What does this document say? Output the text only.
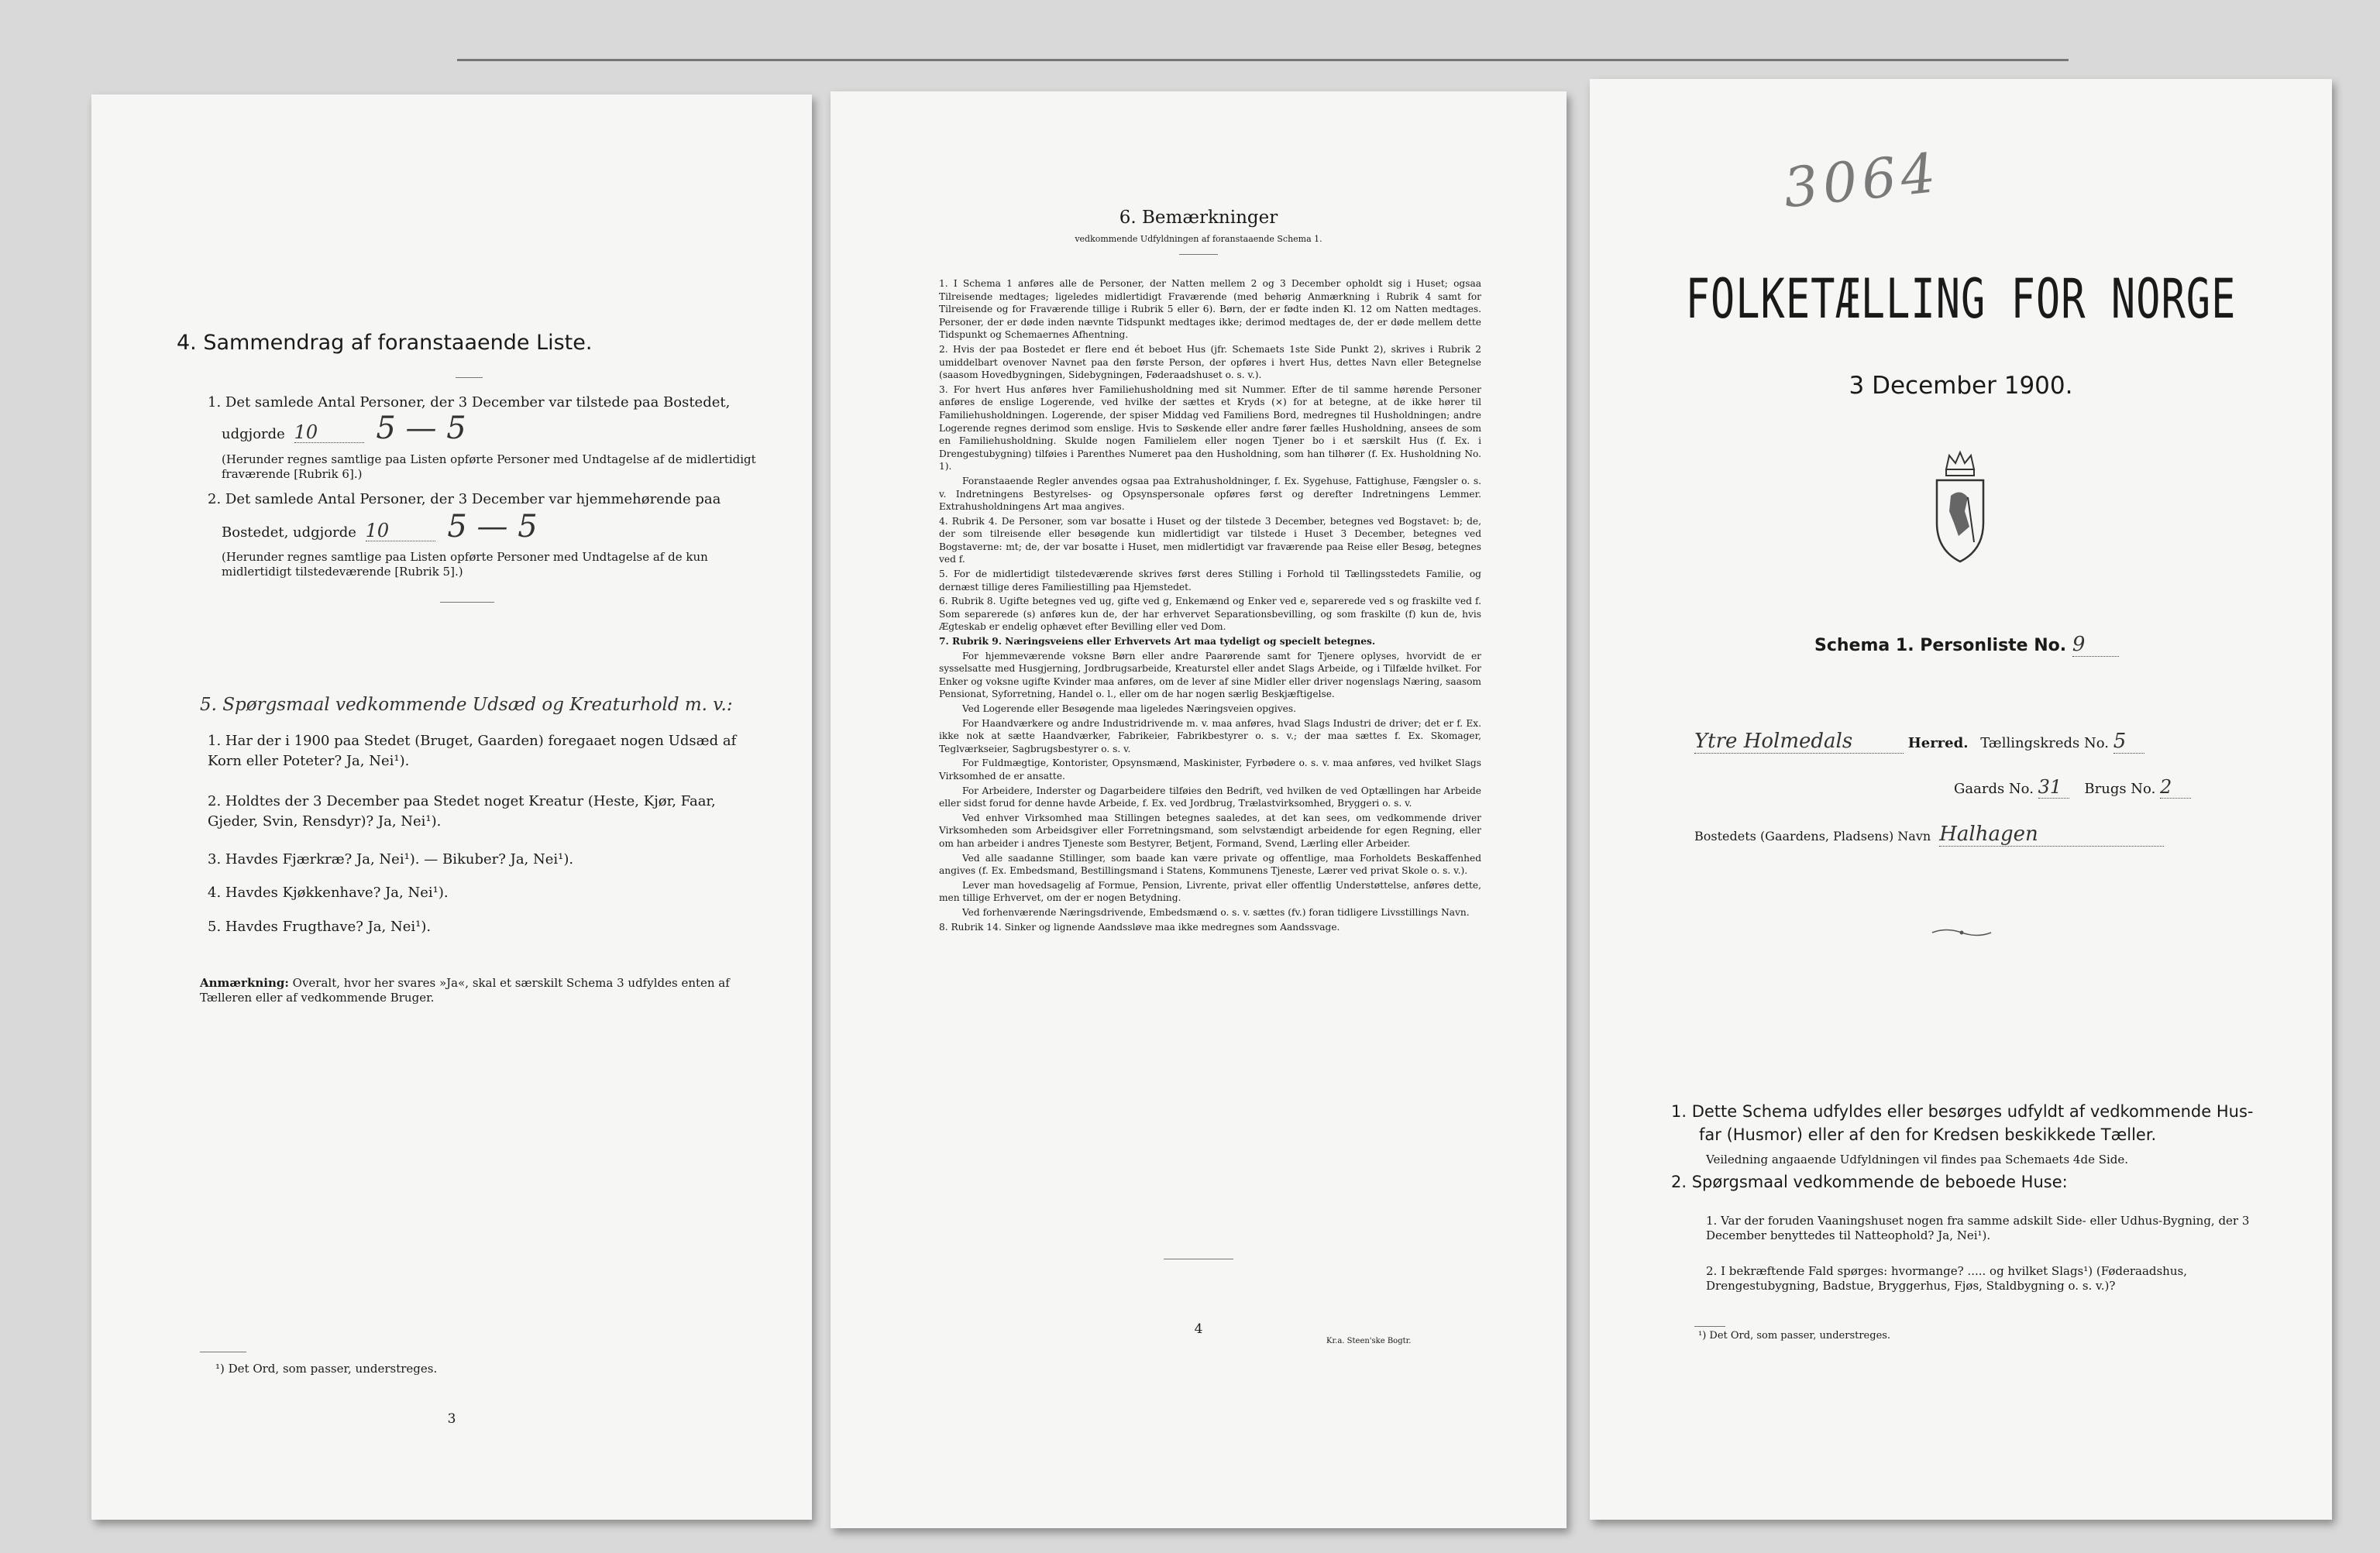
4. Sammendrag af foranstaaende Liste.
1. Det samlede Antal Personer, der 3 December var tilstede paa Bostedet,
udgjorde 10 5 — 5
(Herunder regnes samtlige paa Listen opførte Personer med Undtagelse af de midlertidigt fraværende [Rubrik 6].)
2. Det samlede Antal Personer, der 3 December var hjemmehørende paa
Bostedet, udgjorde 10 5 — 5
(Herunder regnes samtlige paa Listen opførte Personer med Undtagelse af de kun midlertidigt tilstedeværende [Rubrik 5].)
5. Spørgsmaal vedkommende Udsæd og Kreaturhold m. v.:
1. Har der i 1900 paa Stedet (Bruget, Gaarden) foregaaet nogen Udsæd af Korn eller Poteter? Ja, Nei¹).
2. Holdtes der 3 December paa Stedet noget Kreatur (Heste, Kjør, Faar, Gjeder, Svin, Rensdyr)? Ja, Nei¹).
3. Havdes Fjærkræ? Ja, Nei¹). — Bikuber? Ja, Nei¹).
4. Havdes Kjøkkenhave? Ja, Nei¹).
5. Havdes Frugthave? Ja, Nei¹).
Anmærkning: Overalt, hvor her svares »Ja«, skal et særskilt Schema 3 udfyldes enten af Tælleren eller af vedkommende Bruger.
¹) Det Ord, som passer, understreges.
3
6. Bemærkninger
vedkommende Udfyldningen af foranstaaende Schema 1.

1. I Schema 1 anføres alle de Personer, der Natten mellem 2 og 3 December opholdt sig i Huset; ogsaa Tilreisende medtages; ligeledes midlertidigt Fraværende (med behørig Anmærkning i Rubrik 4 samt for Tilreisende og for Fraværende tillige i Rubrik 5 eller 6). Børn, der er fødte inden Kl. 12 om Natten medtages. Personer, der er døde inden nævnte Tidspunkt medtages ikke; derimod medtages de, der er døde mellem dette Tidspunkt og Schemaernes Afhentning.

2. Hvis der paa Bostedet er flere end ét beboet Hus (jfr. Schemaets 1ste Side Punkt 2), skrives i Rubrik 2 umiddelbart ovenover Navnet paa den første Person, der opføres i hvert Hus, dettes Navn eller Betegnelse (saasom Hovedbygningen, Sidebygningen, Føderaadshuset o. s. v.).

3. For hvert Hus anføres hver Familiehusholdning med sit Nummer. Efter de til samme hørende Personer anføres de enslige Logerende, ved hvilke der sættes et Kryds (×) for at betegne, at de ikke hører til Familiehusholdningen. Logerende, der spiser Middag ved Familiens Bord, medregnes til Husholdningen; andre Logerende regnes derimod som enslige. Hvis to Søskende eller andre fører fælles Husholdning, ansees de som en Familiehusholdning. Skulde nogen Familielem eller nogen Tjener bo i et særskilt Hus (f. Ex. i Drengestubygning) tilføies i Parenthes Numeret paa den Husholdning, som han tilhører (f. Ex. Husholdning No. 1).

Foranstaaende Regler anvendes ogsaa paa Extrahusholdninger, f. Ex. Sygehuse, Fattighuse, Fængsler o. s. v. Indretningens Bestyrelses- og Opsynspersonale opføres først og derefter Indretningens Lemmer. Extrahusholdningens Art maa angives.

4. Rubrik 4. De Personer, som var bosatte i Huset og der tilstede 3 December, betegnes ved Bogstavet: b; de, der som tilreisende eller besøgende kun midlertidigt var tilstede i Huset 3 December, betegnes ved Bogstaverne: mt; de, der var bosatte i Huset, men midlertidigt var fraværende paa Reise eller Besøg, betegnes ved f.

5. For de midlertidigt tilstedeværende skrives først deres Stilling i Forhold til Tællingsstedets Familie, og dernæst tillige deres Familiestilling paa Hjemstedet.

6. Rubrik 8. Ugifte betegnes ved ug, gifte ved g, Enkemænd og Enker ved e, separerede ved s og fraskilte ved f. Som separerede (s) anføres kun de, der har erhvervet Separationsbevilling, og som fraskilte (f) kun de, hvis Ægteskab er endelig ophævet efter Bevilling eller ved Dom.

7. Rubrik 9. Næringsveiens eller Erhvervets Art maa tydeligt og specielt betegnes.

For hjemmeværende voksne Børn eller andre Paarørende samt for Tjenere oplyses, hvorvidt de er sysselsatte med Husgjerning, Jordbrugsarbeide, Kreaturstel eller andet Slags Arbeide, og i Tilfælde hvilket. For Enker og voksne ugifte Kvinder maa anføres, om de lever af sine Midler eller driver nogenslags Næring, saasom Pensionat, Syforretning, Handel o. l., eller om de har nogen særlig Beskjæftigelse.

Ved Logerende eller Besøgende maa ligeledes Næringsveien opgives.

For Haandværkere og andre Industridrivende m. v. maa anføres, hvad Slags Industri de driver; det er f. Ex. ikke nok at sætte Haandværker, Fabrikeier, Fabrikbestyrer o. s. v.; der maa sættes f. Ex. Skomager, Teglværkseier, Sagbrugsbestyrer o. s. v.

For Fuldmægtige, Kontorister, Opsynsmænd, Maskinister, Fyrbødere o. s. v. maa anføres, ved hvilket Slags Virksomhed de er ansatte.

For Arbeidere, Inderster og Dagarbeidere tilføies den Bedrift, ved hvilken de ved Optællingen har Arbeide eller sidst forud for denne havde Arbeide, f. Ex. ved Jordbrug, Trælastvirksomhed, Bryggeri o. s. v.

Ved enhver Virksomhed maa Stillingen betegnes saaledes, at det kan sees, om vedkommende driver Virksomheden som Arbeidsgiver eller Forretningsmand, som selvstændigt arbeidende for egen Regning, eller om han arbeider i andres Tjeneste som Bestyrer, Betjent, Formand, Svend, Lærling eller Arbeider.

Ved alle saadanne Stillinger, som baade kan være private og offentlige, maa Forholdets Beskaffenhed angives (f. Ex. Embedsmand, Bestillingsmand i Statens, Kommunens Tjeneste, Lærer ved privat Skole o. s. v.).

Lever man hovedsagelig af Formue, Pension, Livrente, privat eller offentlig Understøttelse, anføres dette, men tillige Erhvervet, om der er nogen Betydning.

Ved forhenværende Næringsdrivende, Embedsmænd o. s. v. sættes (fv.) foran tidligere Livsstillings Navn.

8. Rubrik 14. Sinker og lignende Aandssløve maa ikke medregnes som Aandssvage.

4
Kr.a. Steen'ske Bogtr.
3064
FOLKETÆLLING FOR NORGE
3 December 1900.
Schema 1. Personliste No. 9
Ytre Holmedals	Herred. Tællingskreds No. 5
Gaards No. 31 Brugs No. 2
Bostedets (Gaardens, Pladsens) Navn Halhagen
1. Dette Schema udfyldes eller besørges udfyldt af vedkommende Hus-
far (Husmor) eller af den for Kredsen beskikkede Tæller.
Veiledning angaaende Udfyldningen vil findes paa Schemaets 4de Side.
2. Spørgsmaal vedkommende de beboede Huse:
1. Var der foruden Vaaningshuset nogen fra samme adskilt Side- eller Udhus-Bygning, der 3 December benyttedes til Natteophold? Ja, Nei¹).
2. I bekræftende Fald spørges: hvormange? ..... og hvilket Slags¹) (Føderaadshus, Drengestubygning, Badstue, Bryggerhus, Fjøs, Staldbygning o. s. v.)?
¹) Det Ord, som passer, understreges.
